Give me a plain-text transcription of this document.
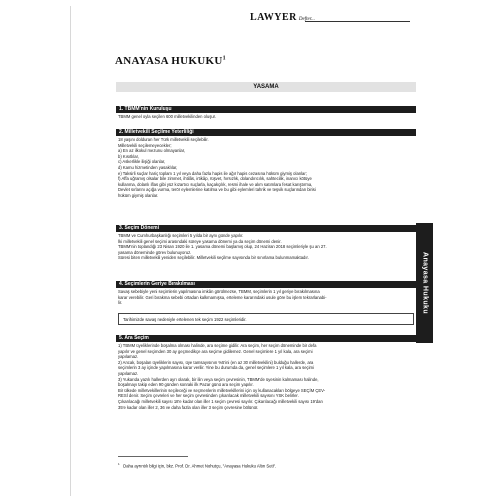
LAWYER Defter...
ANAYASA HUKUKU$^1$
YASAMA
1. TBMM'nin Kuruluşu

TBMM genel oyla seçilen 600 milletvekilinden oluşur.

2. Milletvekili Seçilme Yeterliliği

18 yaşını dolduran her Türk milletvekili seçilebilir.

Milletvekili seçilemeyecekler;

a) En az ilkokul mezunu olmayanlar,

b) Kısıtlılar,

c) Askerlikle ilişiği olanlar,

d) Kamu hizmetinden yasaklılar,

e) Taksirli suçlar hariç toplam 1 yıl veya daha fazla hapis ile ağır hapis cezasına hüküm giymiş olanlar;

f) Affa uğramış olsalar bile zimmet, ihtilâs, irtikâp, rüşvet, hırsızlık, dolandırıcılık, sahtecilik, inanıcı kötüye

kullanma, dolanlı iflas gibi yüz kızartıcı suçlarla, kaçakçılık, resmi ihale ve alım satımlara fesat karıştırma,

Devlet sırlarını açığa vurma, terör eylemlerine katılma ve bu gibi eylemleri tahrik ve teşvik suçlarından birisi

hüküm giymiş olanlar.

3. Seçim Dönemi

TBMM ve Cumhurbaşkanlığı seçimleri 5 yılda bir aynı günde yapılır.

İki milletvekili genel seçimi arasındaki süreye yasama dönemi ya da seçim dönemi denir.

TBMM'nin toplandığı 23 Nisan 1920 ile 1. yasama dönemi başlamış olup, 24 Haziran 2018 seçimleriyle şu an 27.

yasama döneminde görev bulunuyoruz.

Süresi biten milletvekili yeniden seçilebilir. Milletvekili seçilme sayısında bir sınırlama bulunmamaktadır.

4. Seçimlerin Geriye Bırakılması

Savaş sebebiyle yeni seçimlerin yapılmasına imkân görülmezse, TBMM, seçimlerin 1 yıl geriye bırakılmasına

karar verebilir. Geri bırakma sebebi ortadan kalkmamışsa, erteleme kararındaki usule göre bu işlem tekrarlanabi-

lir.

Tarihimizde savaş nedeniyle ertelenen tek seçim 1922 seçimleridir.
5. Ara Seçim

1) TBMM üyeliklerinde boşalma olması halinde, ara seçime gidilir. Ara seçim, her seçim döneminde bir defa

yapılır ve genel seçimden 30 ay geçmedikçe ara seçime gidilemez. Genel seçimlere 1 yıl kala, ara seçimi

yapılamaz.

2) Ancak, boşalan üyeliklerin sayısı, üye tamsayısının %5'ini (en az 30 milletvekilini) bulduğu hallerde, ara

seçimlerin 3 ay içinde yapılmasına karar verilir. Yine bu durumda da, genel seçimlere 1 yıl kala, ara seçimi

yapılamaz.

3) Yukarıda yazılı hallerden ayrı olarak, bir ilin veya seçim çevresinin, TBMM'de üyesinin kalmaması halinde,

boşalmayı takip eden 90 günden sonraki ilk Pazar günü ara seçim yapılır.

Bir ülkede milletvekillerinin seçileceği ve seçmenlerin milletvekillerini için oy kullanacakları bölgeye SEÇİM ÇEV-

RESİ denir. Seçim çevreleri ve her seçim çevresinden çıkarılacak milletvekili sayısını YSK belirler.

Çıkarılacağı milletvekili sayısı 18'e kadar olan iller 1 seçim çevresi sayılır. Çıkarılacağı milletvekili sayısı 19'dan

35'e kadar olan iller 2, 36 ve daha fazla olan iller 3 seçim çevresine bölünür.

Anayasa Hukuku
$^1$ Daha ayrıntılı bilgi için, bkz. Prof. Dr. Ahmet Nohutçu, "Anayasa Hukuku Altın Seti".
